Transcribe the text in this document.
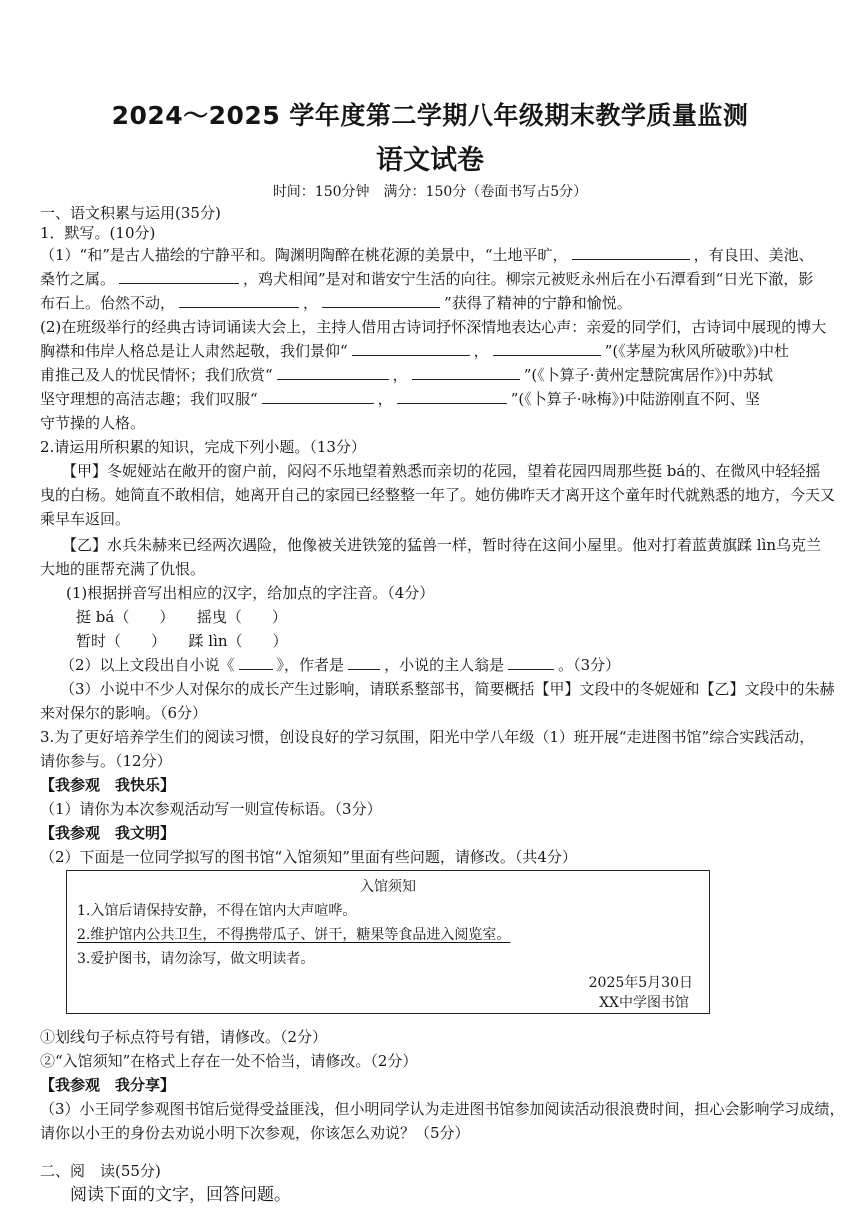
2024～2025 学年度第二学期八年级期末教学质量监测
语文试卷
时间：150分钟　满分：150分（卷面书写占5分）
一、语文积累与运用(35分)
1．默写。(10分)
（1）“和”是古人描绘的宁静平和。陶渊明陶醉在桃花源的美景中，“土地平旷，	，有良田、美池、
桑竹之属。	，鸡犬相闻”是对和谐安宁生活的向往。柳宗元被贬永州后在小石潭看到“日光下澈，影
布石上。佁然不动，	，	”获得了精神的宁静和愉悦。
(2)在班级举行的经典古诗词诵读大会上，主持人借用古诗词抒怀深情地表达心声：亲爱的同学们，古诗词中展现的博大
胸襟和伟岸人格总是让人肃然起敬，我们景仰“	，	”(《茅屋为秋风所破歌》)中杜
甫推己及人的忧民情怀；我们欣赏“	，	”(《卜算子·黄州定慧院寓居作》)中苏轼
坚守理想的高洁志趣；我们叹服“	，	”(《卜算子·咏梅》)中陆游刚直不阿、坚
守节操的人格。
2.请运用所积累的知识，完成下列小题。（13分）
【甲】冬妮娅站在敞开的窗户前，闷闷不乐地望着熟悉而亲切的花园，望着花园四周那些挺 bá的、在微风中轻轻摇
曳的白杨。她简直不敢相信，她离开自己的家园已经整整一年了。她仿佛昨天才离开这个童年时代就熟悉的地方，今天又
乘早车返回。
【乙】水兵朱赫来已经两次遇险，他像被关进铁笼的猛兽一样，暂时待在这间小屋里。他对打着蓝黄旗蹂 lìn乌克兰
大地的匪帮充满了仇恨。
(1)根据拼音写出相应的汉字，给加点的字注音。（4分）
挺 bá（　　）　　摇曳（　　）
暂时（　　）　　蹂 lìn（　　）
（2）以上文段出自小说《	》，作者是	，小说的主人翁是	。（3分）
（3）小说中不少人对保尔的成长产生过影响，请联系整部书，简要概括【甲】文段中的冬妮娅和【乙】文段中的朱赫
来对保尔的影响。（6分）
3.为了更好培养学生们的阅读习惯，创设良好的学习氛围，阳光中学八年级（1）班开展“走进图书馆”综合实践活动，
请你参与。（12分）
【我参观　我快乐】
（1）请你为本次参观活动写一则宣传标语。（3分）
【我参观　我文明】
（2）下面是一位同学拟写的图书馆“入馆须知”里面有些问题，请修改。（共4分）
入馆须知
1.入馆后请保持安静，不得在馆内大声喧哗。
2.维护馆内公共卫生，不得携带瓜子、饼干，糖果等食品进入阅览室。
3.爱护图书，请勿涂写，做文明读者。
2025年5月30日
XX中学图书馆
①划线句子标点符号有错，请修改。（2分）
②“入馆须知”在格式上存在一处不恰当，请修改。（2分）
【我参观　我分享】
（3）小王同学参观图书馆后觉得受益匪浅，但小明同学认为走进图书馆参加阅读活动很浪费时间，担心会影响学习成绩，
请你以小王的身份去劝说小明下次参观，你该怎么劝说？（5分）
二、阅　读(55分)
阅读下面的文字，回答问题。
